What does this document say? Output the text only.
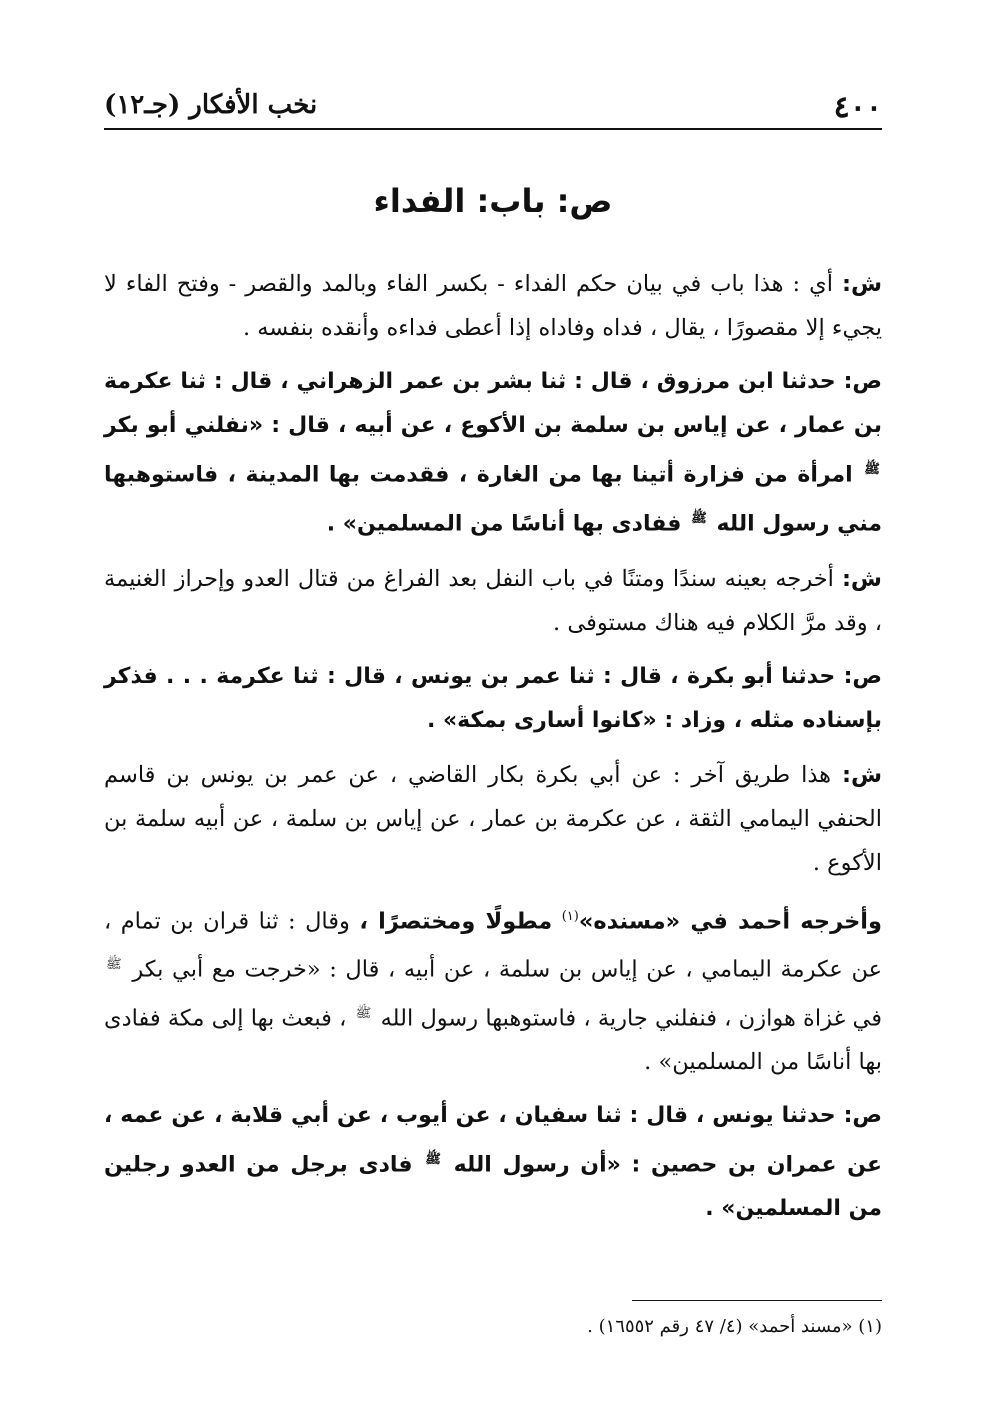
٤٠٠
نخب الأفكار (جـ١٢)
ص: باب: الفداء

ش: أي : هذا باب في بيان حكم الفداء - بكسر الفاء وبالمد والقصر - وفتح الفاء لا يجيء إلا مقصورًا ، يقال ، فداه وفاداه إذا أعطى فداءه وأنقده بنفسه .

ص: حدثنا ابن مرزوق ، قال : ثنا بشر بن عمر الزهراني ، قال : ثنا عكرمة بن عمار ، عن إياس بن سلمة بن الأكوع ، عن أبيه ، قال : «نفلني أبو بكر $^ﷺ$ امرأة من فزارة أتينا بها من الغارة ، فقدمت بها المدينة ، فاستوهبها مني رسول الله $^ﷺ$ ففادى بها أناسًا من المسلمين» .

ش: أخرجه بعينه سندًا ومتنًا في باب النفل بعد الفراغ من قتال العدو وإحراز الغنيمة ، وقد مرَّ الكلام فيه هناك مستوفى .

ص: حدثنا أبو بكرة ، قال : ثنا عمر بن يونس ، قال : ثنا عكرمة . . . فذكر بإسناده مثله ، وزاد : «كانوا أسارى بمكة» .

ش: هذا طريق آخر : عن أبي بكرة بكار القاضي ، عن عمر بن يونس بن قاسم الحنفي اليمامي الثقة ، عن عكرمة بن عمار ، عن إياس بن سلمة ، عن أبيه سلمة بن الأكوع .

وأخرجه أحمد في «مسنده»$^{(١)}$ مطولًا ومختصرًا ، وقال : ثنا قران بن تمام ، عن عكرمة اليمامي ، عن إياس بن سلمة ، عن أبيه ، قال : «خرجت مع أبي بكر $^ﷺ$ في غزاة هوازن ، فنفلني جارية ، فاستوهبها رسول الله $^ﷺ$ ، فبعث بها إلى مكة ففادى بها أناسًا من المسلمين» .

ص: حدثنا يونس ، قال : ثنا سفيان ، عن أيوب ، عن أبي قلابة ، عن عمه ، عن عمران بن حصين : «أن رسول الله $^ﷺ$ فادى برجل من العدو رجلين من المسلمين» .

(١) «مسند أحمد» (٤/ ٤٧ رقم ١٦٥٥٢) .
